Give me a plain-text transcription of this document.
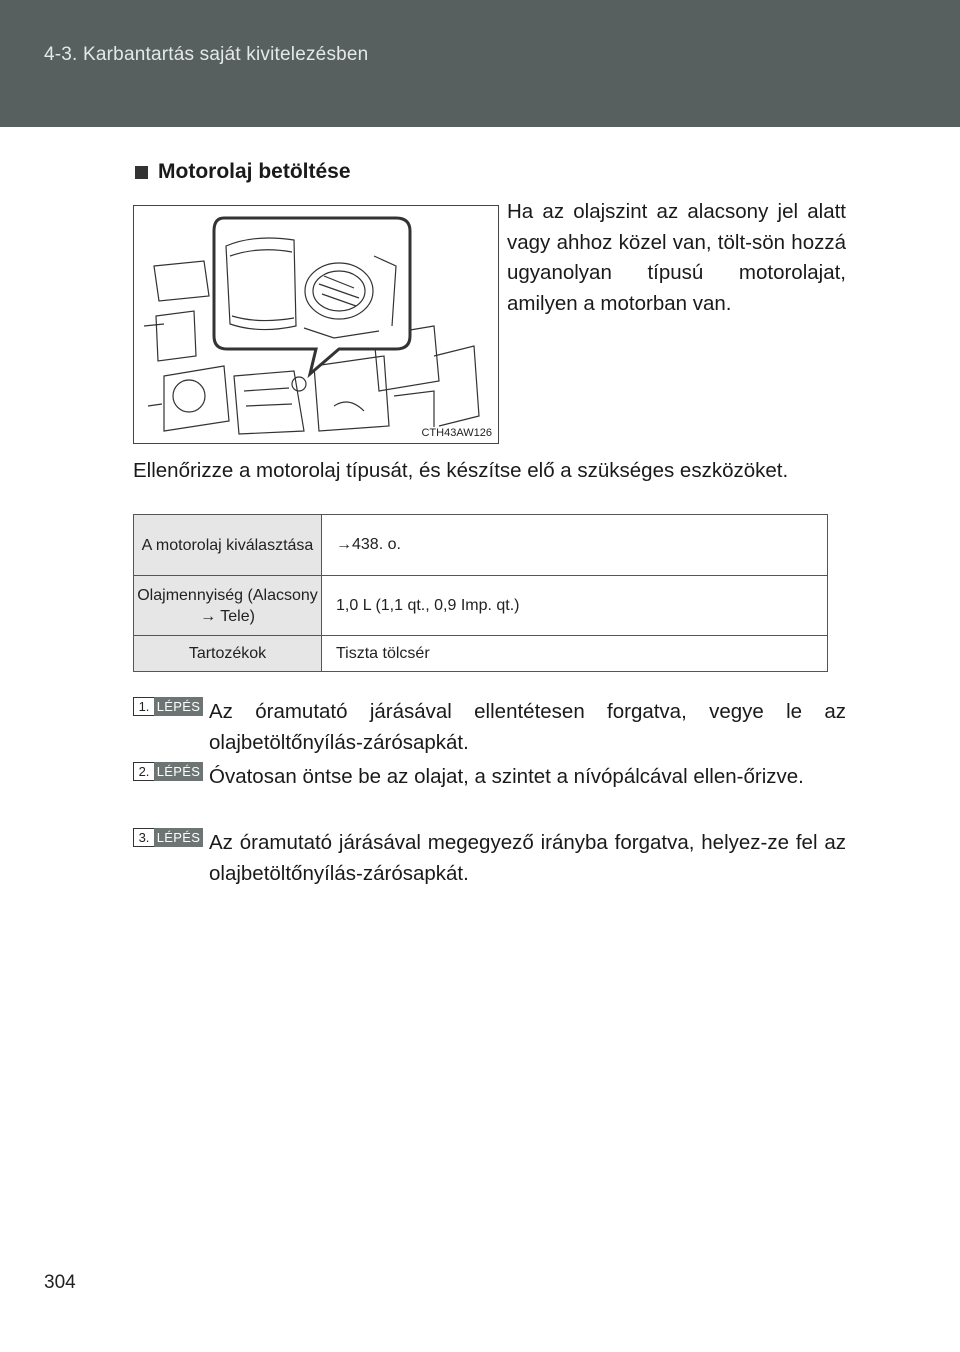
4-3. Karbantartás saját kivitelezésben
Motorolaj betöltése
CTH43AW126
Ha az olajszint az alacsony jel alatt vagy ahhoz közel van, tölt-sön hozzá ugyanolyan típusú motorolajat, amilyen a motorban van.
Ellenőrizze a motorolaj típusát, és készítse elő a szükséges eszközöket.
A motorolaj kiválasztása	→438. o.
Olajmennyiség (Alacsony → Tele)	1,0 L (1,1 qt., 0,9 Imp. qt.)
Tartozékok	Tiszta tölcsér
1. LÉPÉS Az óramutató járásával ellentétesen forgatva, vegye le az olajbetöltőnyílás-zárósapkát.
2. LÉPÉS Óvatosan öntse be az olajat, a szintet a nívópálcával ellen-őrizve.
3. LÉPÉS Az óramutató járásával megegyező irányba forgatva, helyez-ze fel az olajbetöltőnyílás-zárósapkát.
304
